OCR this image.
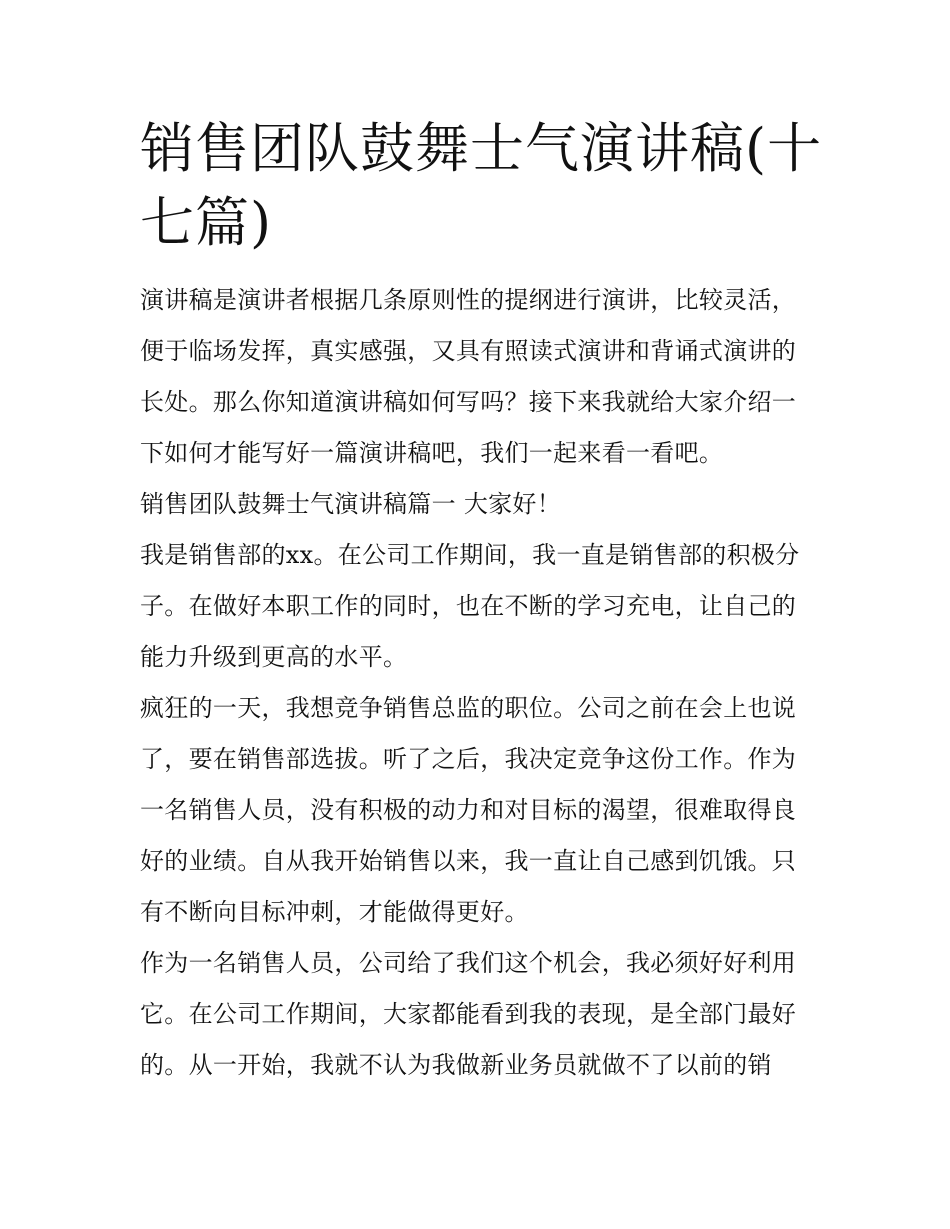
销售团队鼓舞士气演讲稿(十七篇)

演讲稿是演讲者根据几条原则性的提纲进行演讲，比较灵活，便于临场发挥，真实感强，又具有照读式演讲和背诵式演讲的长处。那么你知道演讲稿如何写吗？接下来我就给大家介绍一下如何才能写好一篇演讲稿吧，我们一起来看一看吧。

销售团队鼓舞士气演讲稿篇一 大家好！

我是销售部的xx。在公司工作期间，我一直是销售部的积极分子。在做好本职工作的同时，也在不断的学习充电，让自己的能力升级到更高的水平。

疯狂的一天，我想竞争销售总监的职位。公司之前在会上也说了，要在销售部选拔。听了之后，我决定竞争这份工作。作为一名销售人员，没有积极的动力和对目标的渴望，很难取得良好的业绩。自从我开始销售以来，我一直让自己感到饥饿。只有不断向目标冲刺，才能做得更好。

作为一名销售人员，公司给了我们这个机会，我必须好好利用它。在公司工作期间，大家都能看到我的表现，是全部门最好的。从一开始，我就不认为我做新业务员就做不了以前的销
